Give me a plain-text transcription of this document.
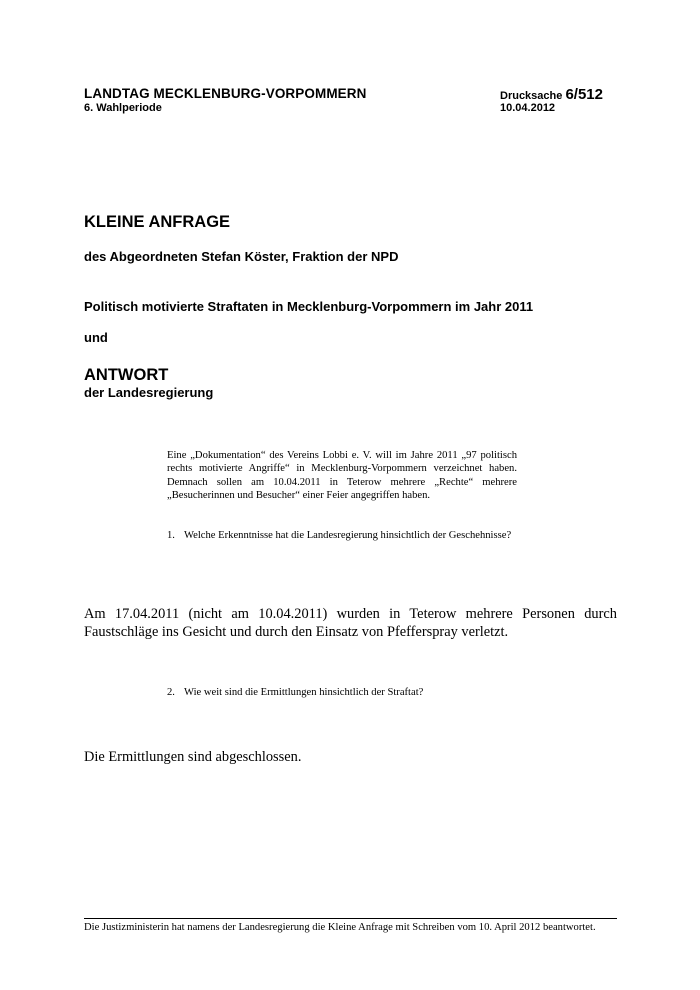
LANDTAG MECKLENBURG-VORPOMMERN
6. Wahlperiode
Drucksache 6/512
10.04.2012
KLEINE ANFRAGE
des Abgeordneten Stefan Köster, Fraktion der NPD
Politisch motivierte Straftaten in Mecklenburg-Vorpommern im Jahr 2011
und
ANTWORT
der Landesregierung
Eine „Dokumentation“ des Vereins Lobbi e. V. will im Jahre 2011 „97 politisch rechts motivierte Angriffe“ in Mecklenburg-Vorpommern verzeichnet haben. Demnach sollen am 10.04.2011 in Teterow mehrere „Rechte“ mehrere „Besucherinnen und Besucher“ einer Feier angegriffen haben.
1. Welche Erkenntnisse hat die Landesregierung hinsichtlich der Geschehnisse?
Am 17.04.2011 (nicht am 10.04.2011) wurden in Teterow mehrere Personen durch Faustschläge ins Gesicht und durch den Einsatz von Pfefferspray verletzt.
2. Wie weit sind die Ermittlungen hinsichtlich der Straftat?
Die Ermittlungen sind abgeschlossen.
Die Justizministerin hat namens der Landesregierung die Kleine Anfrage mit Schreiben vom 10. April 2012 beantwortet.
